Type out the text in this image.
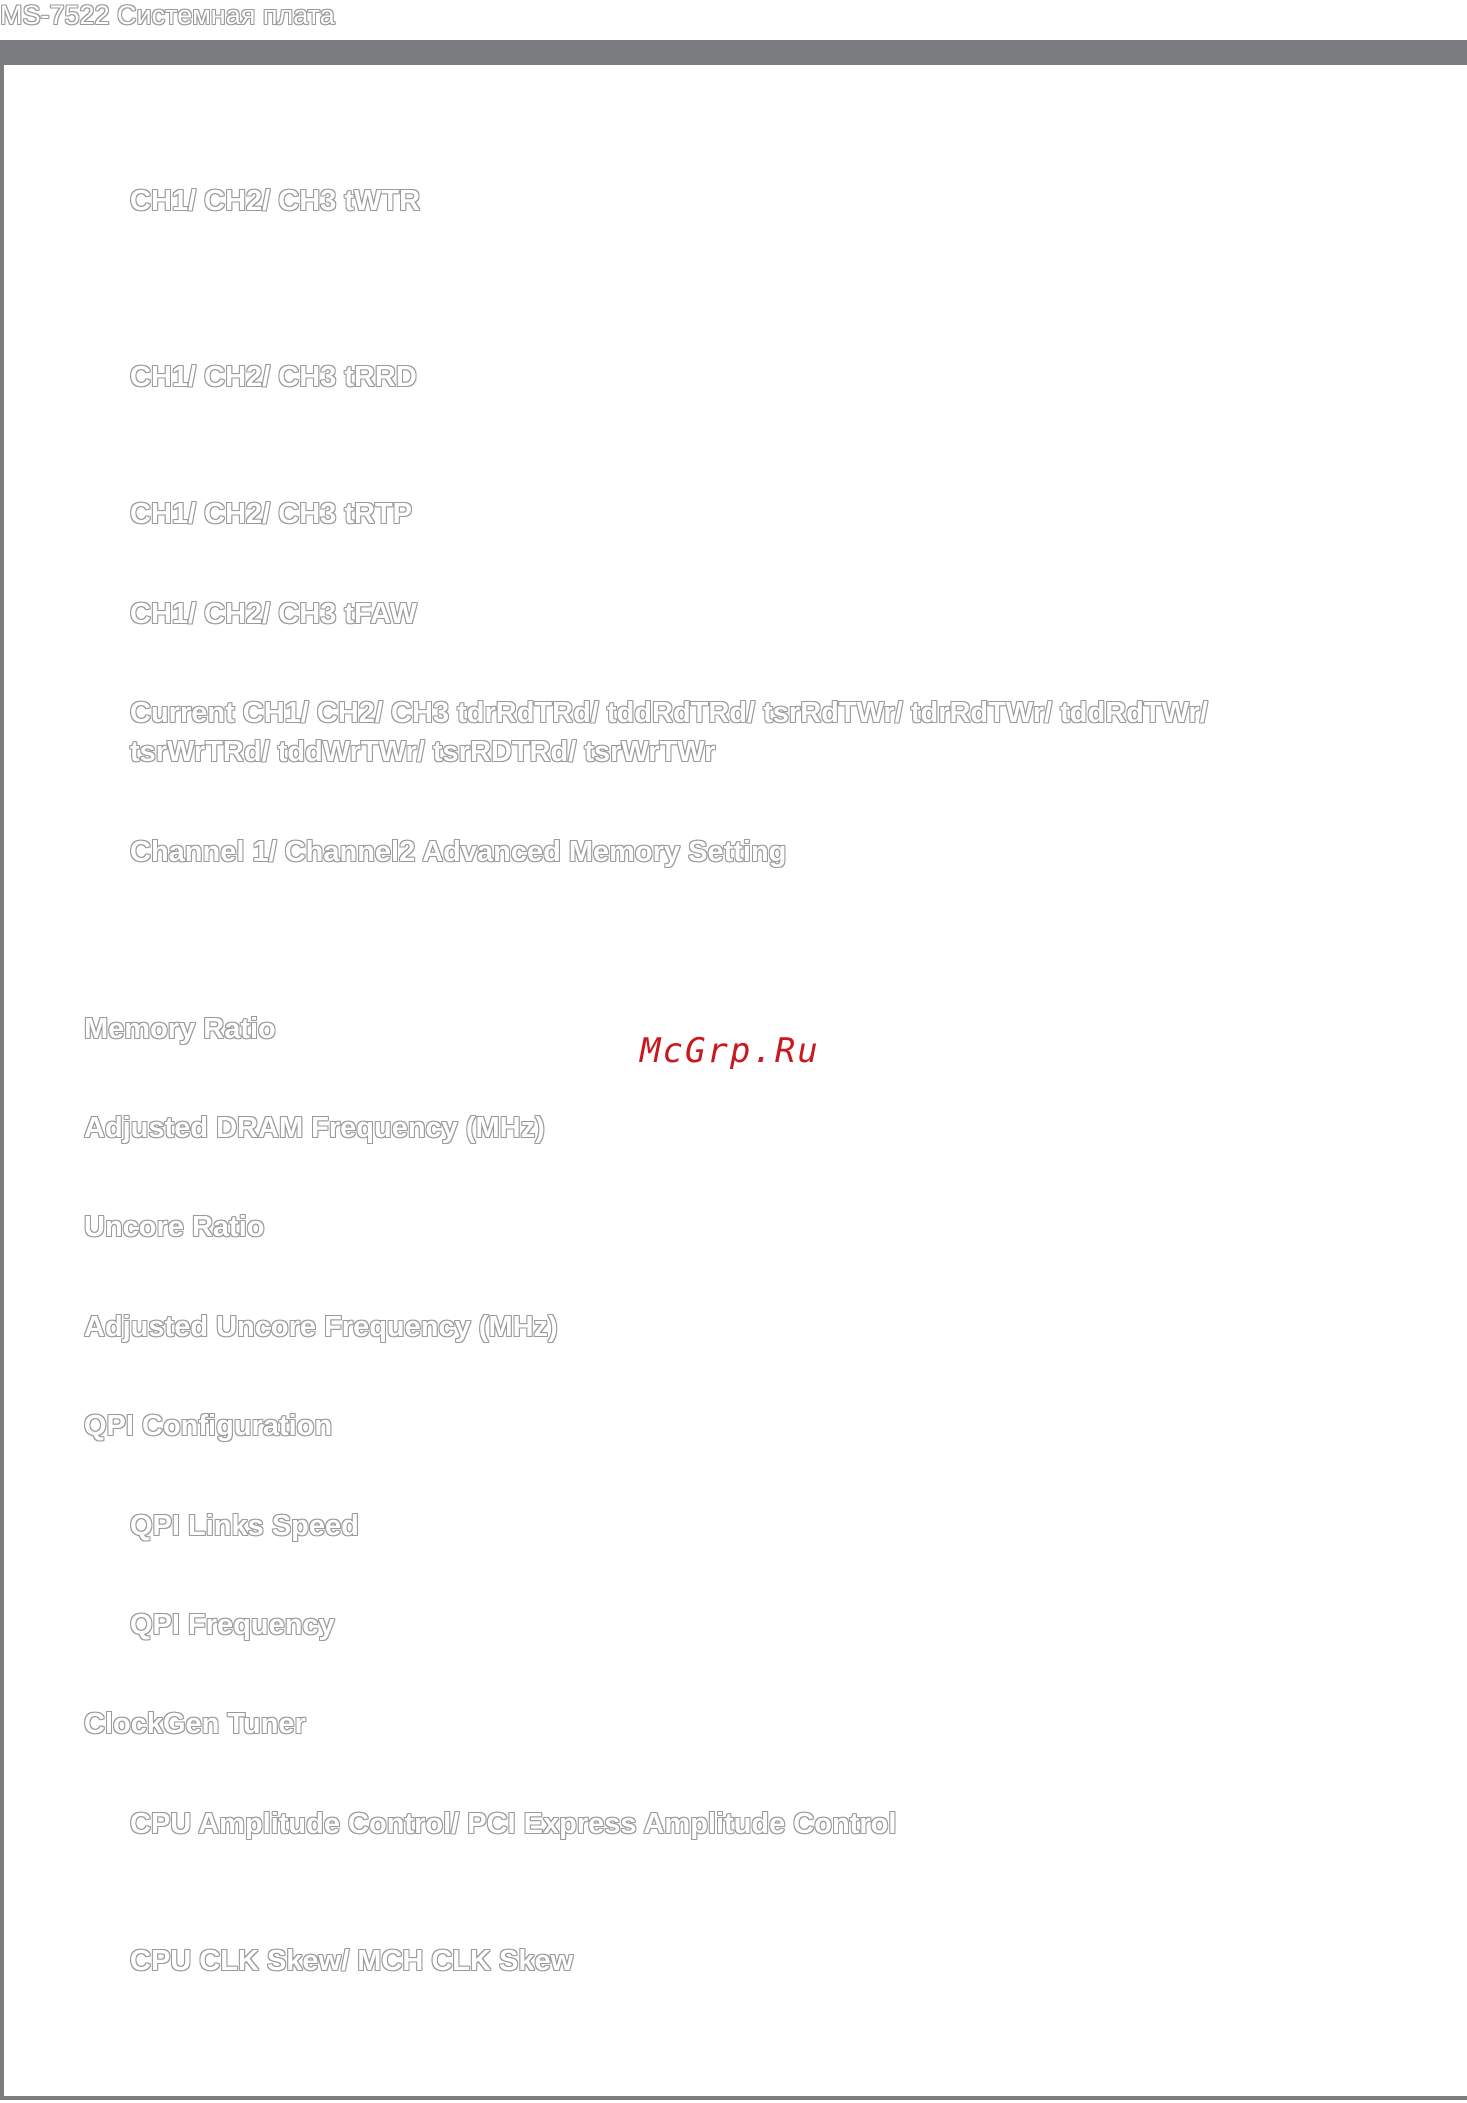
MS-7522 Системная плата

CH1/ CH2/ CH3 tWTR

CH1/ CH2/ CH3 tRRD

CH1/ CH2/ CH3 tRTP

CH1/ CH2/ CH3 tFAW

Current CH1/ CH2/ CH3 tdrRdTRd/ tddRdTRd/ tsrRdTWr/ tdrRdTWr/ tddRdTWr/

tsrWrTRd/ tddWrTWr/ tsrRDTRd/ tsrWrTWr

Channel 1/ Channel2 Advanced Memory Setting

Memory Ratio

McGrp.Ru

Adjusted DRAM Frequency (MHz)

Uncore Ratio

Adjusted Uncore Frequency (MHz)

QPI Configuration

QPI Links Speed

QPI Frequency

ClockGen Tuner

CPU Amplitude Control/ PCI Express Amplitude Control

CPU CLK Skew/ MCH CLK Skew
